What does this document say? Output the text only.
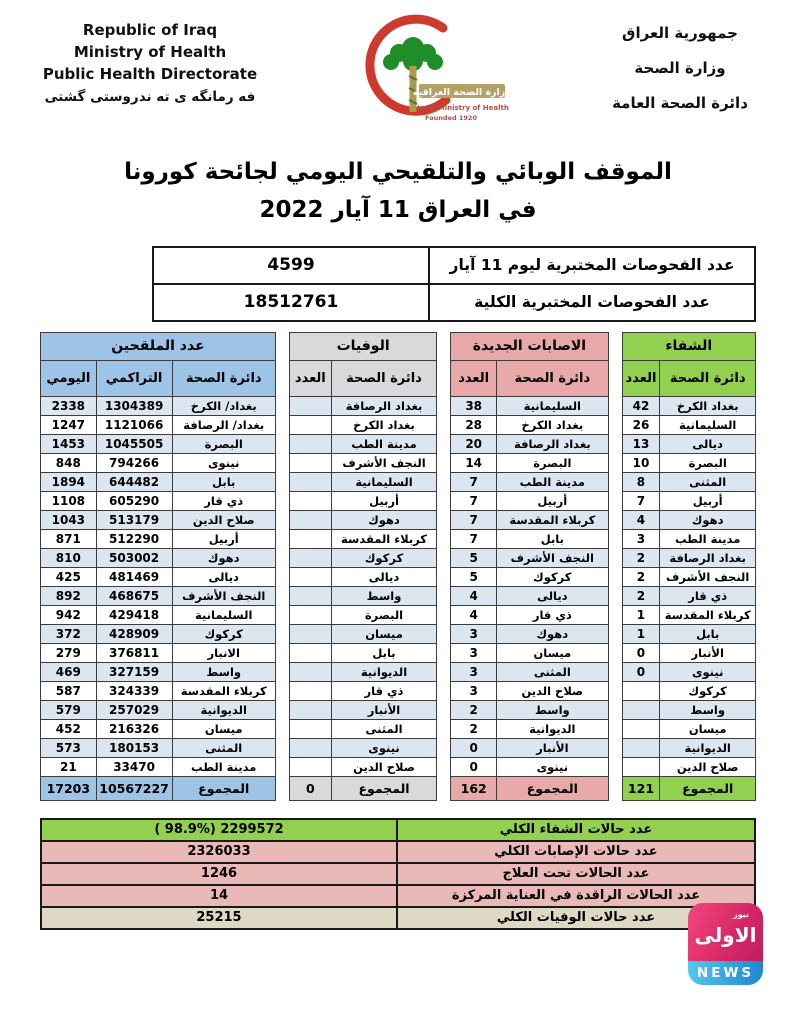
Republic of Iraq
Ministry of Health
Public Health Directorate
فه رمانگه ی ته ندروستی گشتی	وزارة الصحة العراقية
Iraqi Ministry of Health
Founded 1920
جمهورية العراق
وزارة الصحة
دائرة الصحة العامة
الموقف الوبائي والتلقيحي اليومي لجائحة كورونا
في العراق 11 آيار 2022
عدد الفحوصات المختبرية ليوم 11 آيار	4599
عدد الفحوصات المختبرية الكلية	18512761
الشفاء	
دائرة الصحة	العدد
بغداد الكرخ	42
السليمانية	26
ديالى	13
البصرة	10
المثنى	8
أربيل	7
دهوك	4
مدينة الطب	3
بغداد الرصافة	2
النجف الأشرف	2
ذي قار	2
كربلاء المقدسة	1
بابل	1
الأنبار	0
نينوى	0
كركوك	
واسط	
ميسان	
الديوانية	
صلاح الدين	
المجموع	121
الاصابات الجديدة	
دائرة الصحة	العدد
السليمانية	38
بغداد الكرخ	28
بغداد الرصافة	20
البصرة	14
مدينة الطب	7
أربيل	7
كربلاء المقدسة	7
بابل	7
النجف الأشرف	5
كركوك	5
ديالى	4
ذي قار	4
دهوك	3
ميسان	3
المثنى	3
صلاح الدين	3
واسط	2
الديوانية	2
الأنبار	0
نينوى	0
المجموع	162
الوفيات	
دائرة الصحة	العدد
بغداد الرصافة	
بغداد الكرخ	
مدينة الطب	
النجف الأشرف	
السليمانية	
أربيل	
دهوك	
كربلاء المقدسة	
كركوك	
ديالى	
واسط	
البصرة	
ميسان	
بابل	
الديوانية	
ذي قار	
الأنبار	
المثنى	
نينوى	
صلاح الدين	
المجموع	0
عدد الملقحين		
دائرة الصحة	التراكمي	اليومي
بغداد/ الكرخ	1304389	2338
بغداد/ الرصافة	1121066	1247
البصرة	1045505	1453
نينوى	794266	848
بابل	644482	1894
ذي قار	605290	1108
صلاح الدين	513179	1043
أربيل	512290	871
دهوك	503002	810
ديالى	481469	425
النجف الأشرف	468675	892
السليمانية	429418	942
كركوك	428909	372
الانبار	376811	279
واسط	327159	469
كربلاء المقدسة	324339	587
الديوانية	257029	579
ميسان	216326	452
المثنى	180153	573
مدينة الطب	33470	21
المجموع	10567227	17203
عدد حالات الشفاء الكلي	( 98.9%) 2299572
عدد حالات الإصابات الكلي	2326033
عدد الحالات تحت العلاج	1246
عدد الحالات الراقدة في العناية المركزة	14
عدد حالات الوفيات الكلي	25215	نيوز
الاولى
NEWS
